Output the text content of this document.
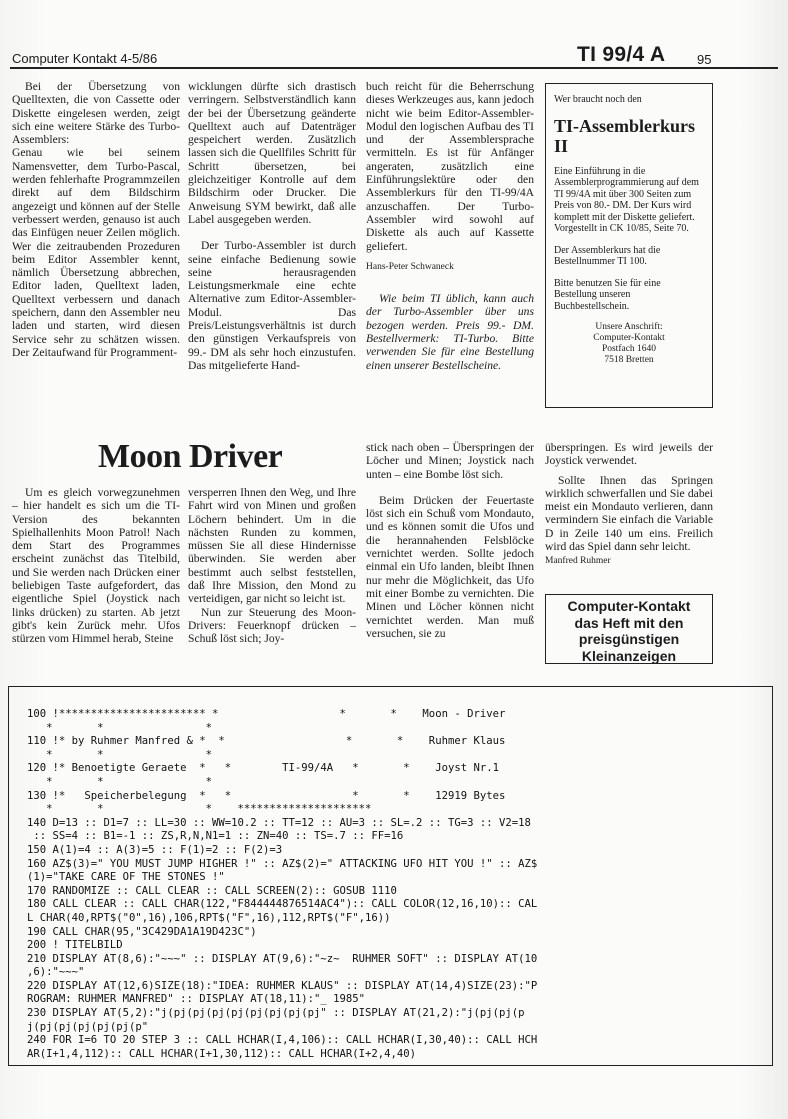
Computer Kontakt 4-5/86	TI 99/4 A 95

Bei der Übersetzung von Quelltexten, die von Cassette oder Diskette eingelesen werden, zeigt sich eine weitere Stärke des Turbo-Assemblers:

Genau wie bei seinem Namensvetter, dem Turbo-Pascal, werden fehlerhafte Programmzeilen direkt auf dem Bildschirm angezeigt und können auf der Stelle verbessert werden, genauso ist auch das Einfügen neuer Zeilen möglich. Wer die zeitraubenden Prozeduren beim Editor Assembler kennt, nämlich Übersetzung abbrechen, Editor laden, Quelltext laden, Quelltext verbessern und danach speichern, dann den Assembler neu laden und starten, wird diesen Service sehr zu schätzen wissen. Der Zeitaufwand für Programment-

wicklungen dürfte sich drastisch verringern. Selbstverständlich kann der bei der Übersetzung geänderte Quelltext auch auf Datenträger gespeichert werden. Zusätzlich lassen sich die Quellfiles Schritt für Schritt übersetzen, bei gleichzeitiger Kontrolle auf dem Bildschirm oder Drucker. Die Anweisung SYM bewirkt, daß alle Label ausgegeben werden.

Der Turbo-Assembler ist durch seine einfache Bedienung sowie seine herausragenden Leistungsmerkmale eine echte Alternative zum Editor-Assembler-Modul. Das Preis/Leistungsverhältnis ist durch den günstigen Verkaufspreis von 99.- DM als sehr hoch einzustufen. Das mitgelieferte Hand-

buch reicht für die Beherrschung dieses Werkzeuges aus, kann jedoch nicht wie beim Editor-Assembler-Modul den logischen Aufbau des TI und der Assemblersprache vermitteln. Es ist für Anfänger angeraten, zusätzlich eine Einführungslektüre oder den Assemblerkurs für den TI-99/4A anzuschaffen. Der Turbo-Assembler wird sowohl auf Diskette als auch auf Kassette geliefert.

Hans-Peter Schwaneck

Wie beim TI üblich, kann auch der Turbo-Assembler über uns bezogen werden. Preis 99.- DM. Bestellvermerk: TI-Turbo. Bitte verwenden Sie für eine Bestellung einen unserer Bestellscheine.

Wer braucht noch den

TI-Assemblerkurs II

Eine Einführung in die Assemblerprogrammierung auf dem TI 99/4A mit über 300 Seiten zum Preis von 80.- DM. Der Kurs wird komplett mit der Diskette geliefert. Vorgestellt in CK 10/85, Seite 70.

Der Assemblerkurs hat die Bestellnummer TI 100.

Bitte benutzen Sie für eine Bestellung unseren Buchbestellschein.

Unsere Anschrift:
Computer-Kontakt
Postfach 1640
7518 Bretten
Moon Driver

Um es gleich vorwegzunehmen – hier handelt es sich um die TI-Version des bekannten Spielhallenhits Moon Patrol! Nach dem Start des Programmes erscheint zunächst das Titelbild, und Sie werden nach Drücken einer beliebigen Taste aufgefordert, das eigentliche Spiel (Joystick nach links drücken) zu starten. Ab jetzt gibt's kein Zurück mehr. Ufos stürzen vom Himmel herab, Steine

versperren Ihnen den Weg, und Ihre Fahrt wird von Minen und großen Löchern behindert. Um in die nächsten Runden zu kommen, müssen Sie all diese Hindernisse überwinden. Sie werden aber bestimmt auch selbst feststellen, daß Ihre Mission, den Mond zu verteidigen, gar nicht so leicht ist.

Nun zur Steuerung des Moon-Drivers: Feuerknopf drücken – Schuß löst sich; Joy-

stick nach oben – Überspringen der Löcher und Minen; Joystick nach unten – eine Bombe löst sich.

Beim Drücken der Feuertaste löst sich ein Schuß vom Mondauto, und es können somit die Ufos und die herannahenden Felsblöcke vernichtet werden. Sollte jedoch einmal ein Ufo landen, bleibt Ihnen nur mehr die Möglichkeit, das Ufo mit einer Bombe zu vernichten. Die Minen und Löcher können nicht vernichtet werden. Man muß versuchen, sie zu

überspringen. Es wird jeweils der Joystick verwendet.

Sollte Ihnen das Springen wirklich schwerfallen und Sie dabei meist ein Mondauto verlieren, dann vermindern Sie einfach die Variable D in Zeile 140 um eins. Freilich wird das Spiel dann sehr leicht.

Manfred Ruhmer
Computer-Kontakt
das Heft mit den
preisgünstigen
Kleinanzeigen
100 !*********************** *                   *       *    Moon - Driver
*       *                *
110 !* by Ruhmer Manfred & *  *                   *       *    Ruhmer Klaus
*       *                *
120 !* Benoetigte Geraete  *   *        TI-99/4A   *       *    Joyst Nr.1
*       *                *
130 !*   Speicherbelegung  *   *                   *       *    12919 Bytes
*       *                *    *********************
140 D=13 :: D1=7 :: LL=30 :: WW=10.2 :: TT=12 :: AU=3 :: SL=.2 :: TG=3 :: V2=18
:: SS=4 :: B1=-1 :: ZS,R,N,N1=1 :: ZN=40 :: TS=.7 :: FF=16
150 A(1)=4 :: A(3)=5 :: F(1)=2 :: F(2)=3
160 AZ$(3)=" YOU MUST JUMP HIGHER !" :: AZ$(2)=" ATTACKING UFO HIT YOU !" :: AZ$
(1)="TAKE CARE OF THE STONES !"
170 RANDOMIZE :: CALL CLEAR :: CALL SCREEN(2):: GOSUB 1110
180 CALL CLEAR :: CALL CHAR(122,"F844444876514AC4"):: CALL COLOR(12,16,10):: CAL
L CHAR(40,RPT$("0",16),106,RPT$("F",16),112,RPT$("F",16))
190 CALL CHAR(95,"3C429DA1A19D423C")
200 ! TITELBILD
210 DISPLAY AT(8,6):"~~~" :: DISPLAY AT(9,6):"~z~  RUHMER SOFT" :: DISPLAY AT(10
,6):"~~~"
220 DISPLAY AT(12,6)SIZE(18):"IDEA: RUHMER KLAUS" :: DISPLAY AT(14,4)SIZE(23):"P
ROGRAM: RUHMER MANFRED" :: DISPLAY AT(18,11):"_ 1985"
230 DISPLAY AT(5,2):"j(pj(pj(pj(pj(pj(pj(pj(pj" :: DISPLAY AT(21,2):"j(pj(pj(p
j(pj(pj(pj(pj(pj(p"
240 FOR I=6 TO 20 STEP 3 :: CALL HCHAR(I,4,106):: CALL HCHAR(I,30,40):: CALL HCH
AR(I+1,4,112):: CALL HCHAR(I+1,30,112):: CALL HCHAR(I+2,4,40)
